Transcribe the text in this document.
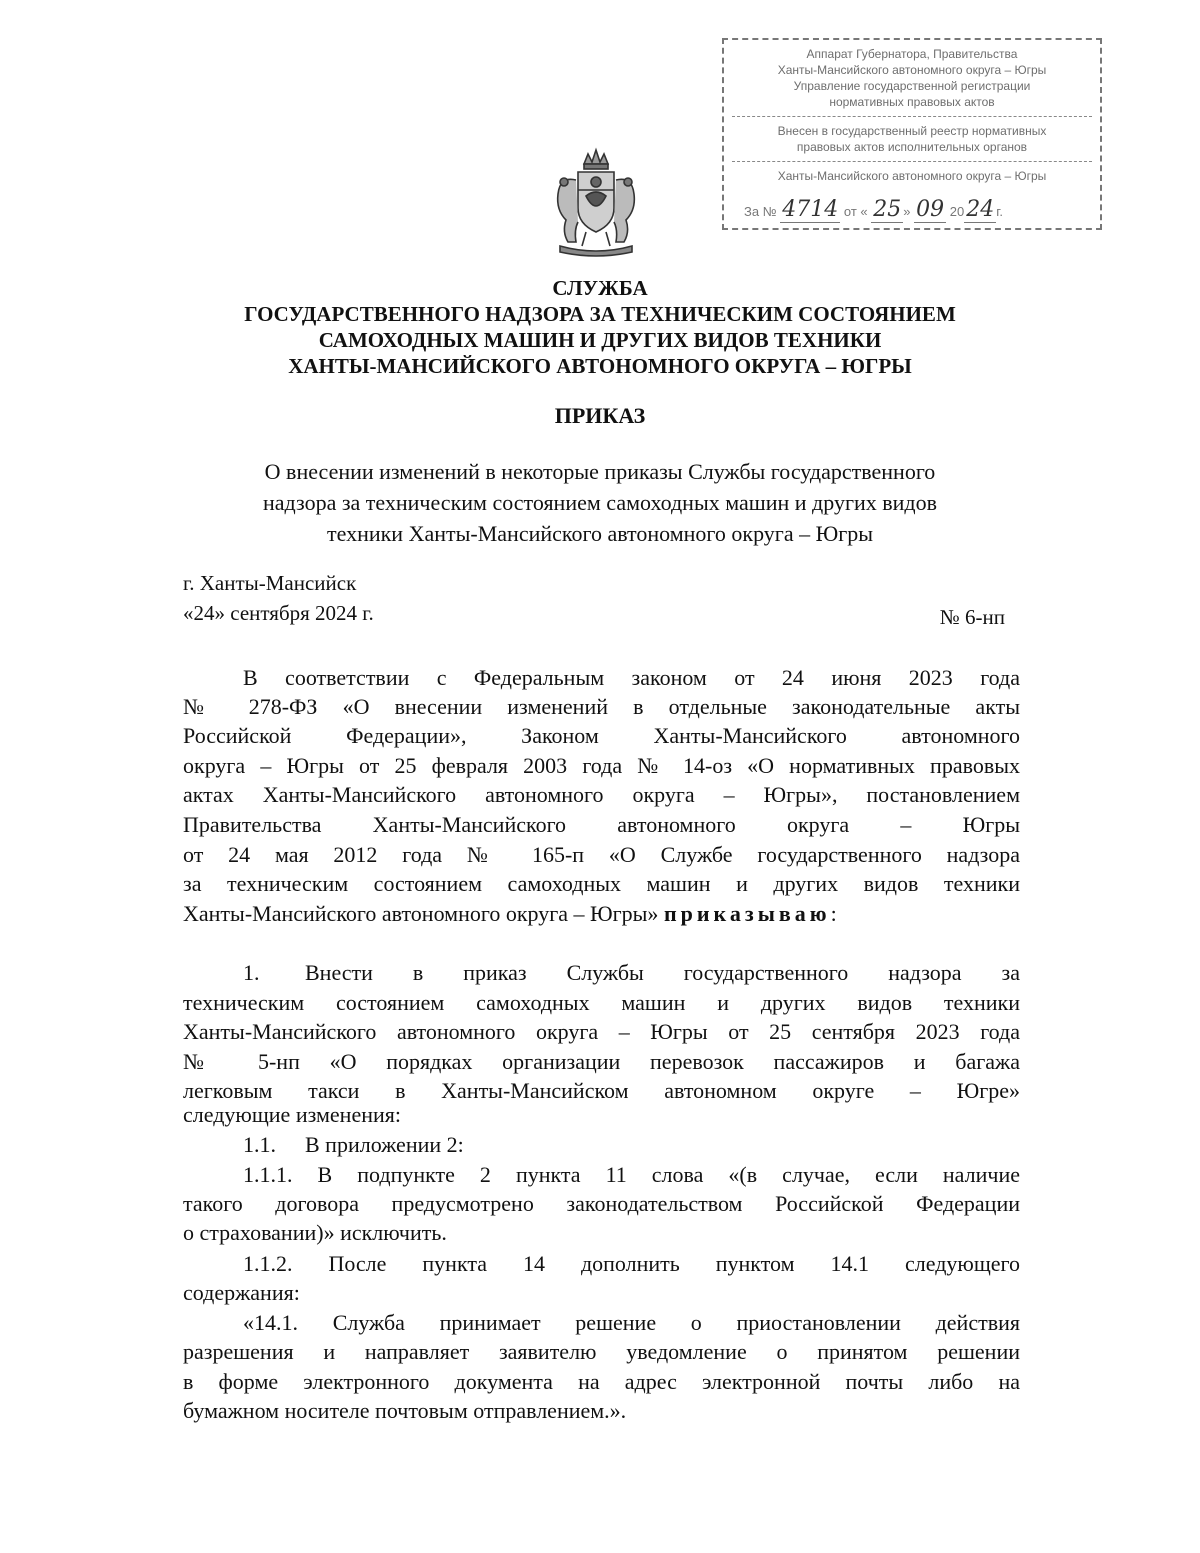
Аппарат Губернатора, Правительства
Ханты-Мансийского автономного округа – Югры
Управление государственной регистрации
нормативных правовых актов
Внесен в государственный реестр нормативных
правовых актов исполнительных органов
Ханты-Мансийского автономного округа – Югры
За № 4714 от « 25 » 09 2024 г.
СЛУЖБА
ГОСУДАРСТВЕННОГО НАДЗОРА ЗА ТЕХНИЧЕСКИМ СОСТОЯНИЕМ
САМОХОДНЫХ МАШИН И ДРУГИХ ВИДОВ ТЕХНИКИ
ХАНТЫ-МАНСИЙСКОГО АВТОНОМНОГО ОКРУГА – ЮГРЫ
ПРИКАЗ
О внесении изменений в некоторые приказы Службы государственного
надзора за техническим состоянием самоходных машин и других видов
техники Ханты-Мансийского автономного округа – Югры
г. Ханты-Мансийск
«24» сентября 2024 г.	№ 6-нп
В соответствии с Федеральным законом от 24 июня 2023 года
№ 278-ФЗ «О внесении изменений в отдельные законодательные акты
Российской Федерации», Законом Ханты-Мансийского автономного
округа – Югры от 25 февраля 2003 года № 14-оз «О нормативных правовых
актах Ханты-Мансийского автономного округа – Югры», постановлением
Правительства Ханты-Мансийского автономного округа – Югры
от 24 мая 2012 года № 165-п «О Службе государственного надзора
за техническим состоянием самоходных машин и других видов техники
Ханты-Мансийского автономного округа – Югры» приказываю:
1. Внести в приказ Службы государственного надзора за
техническим состоянием самоходных машин и других видов техники
Ханты-Мансийского автономного округа – Югры от 25 сентября 2023 года
№ 5-нп «О порядках организации перевозок пассажиров и багажа
легковым такси в Ханты-Мансийском автономном округе – Югре»
следующие изменения:
1.1. В приложении 2:
1.1.1. В подпункте 2 пункта 11 слова «(в случае, если наличие
такого договора предусмотрено законодательством Российской Федерации
о страховании)» исключить.
1.1.2. После пункта 14 дополнить пунктом 14.1 следующего
содержания:
«14.1. Служба принимает решение о приостановлении действия
разрешения и направляет заявителю уведомление о принятом решении
в форме электронного документа на адрес электронной почты либо на
бумажном носителе почтовым отправлением.».
